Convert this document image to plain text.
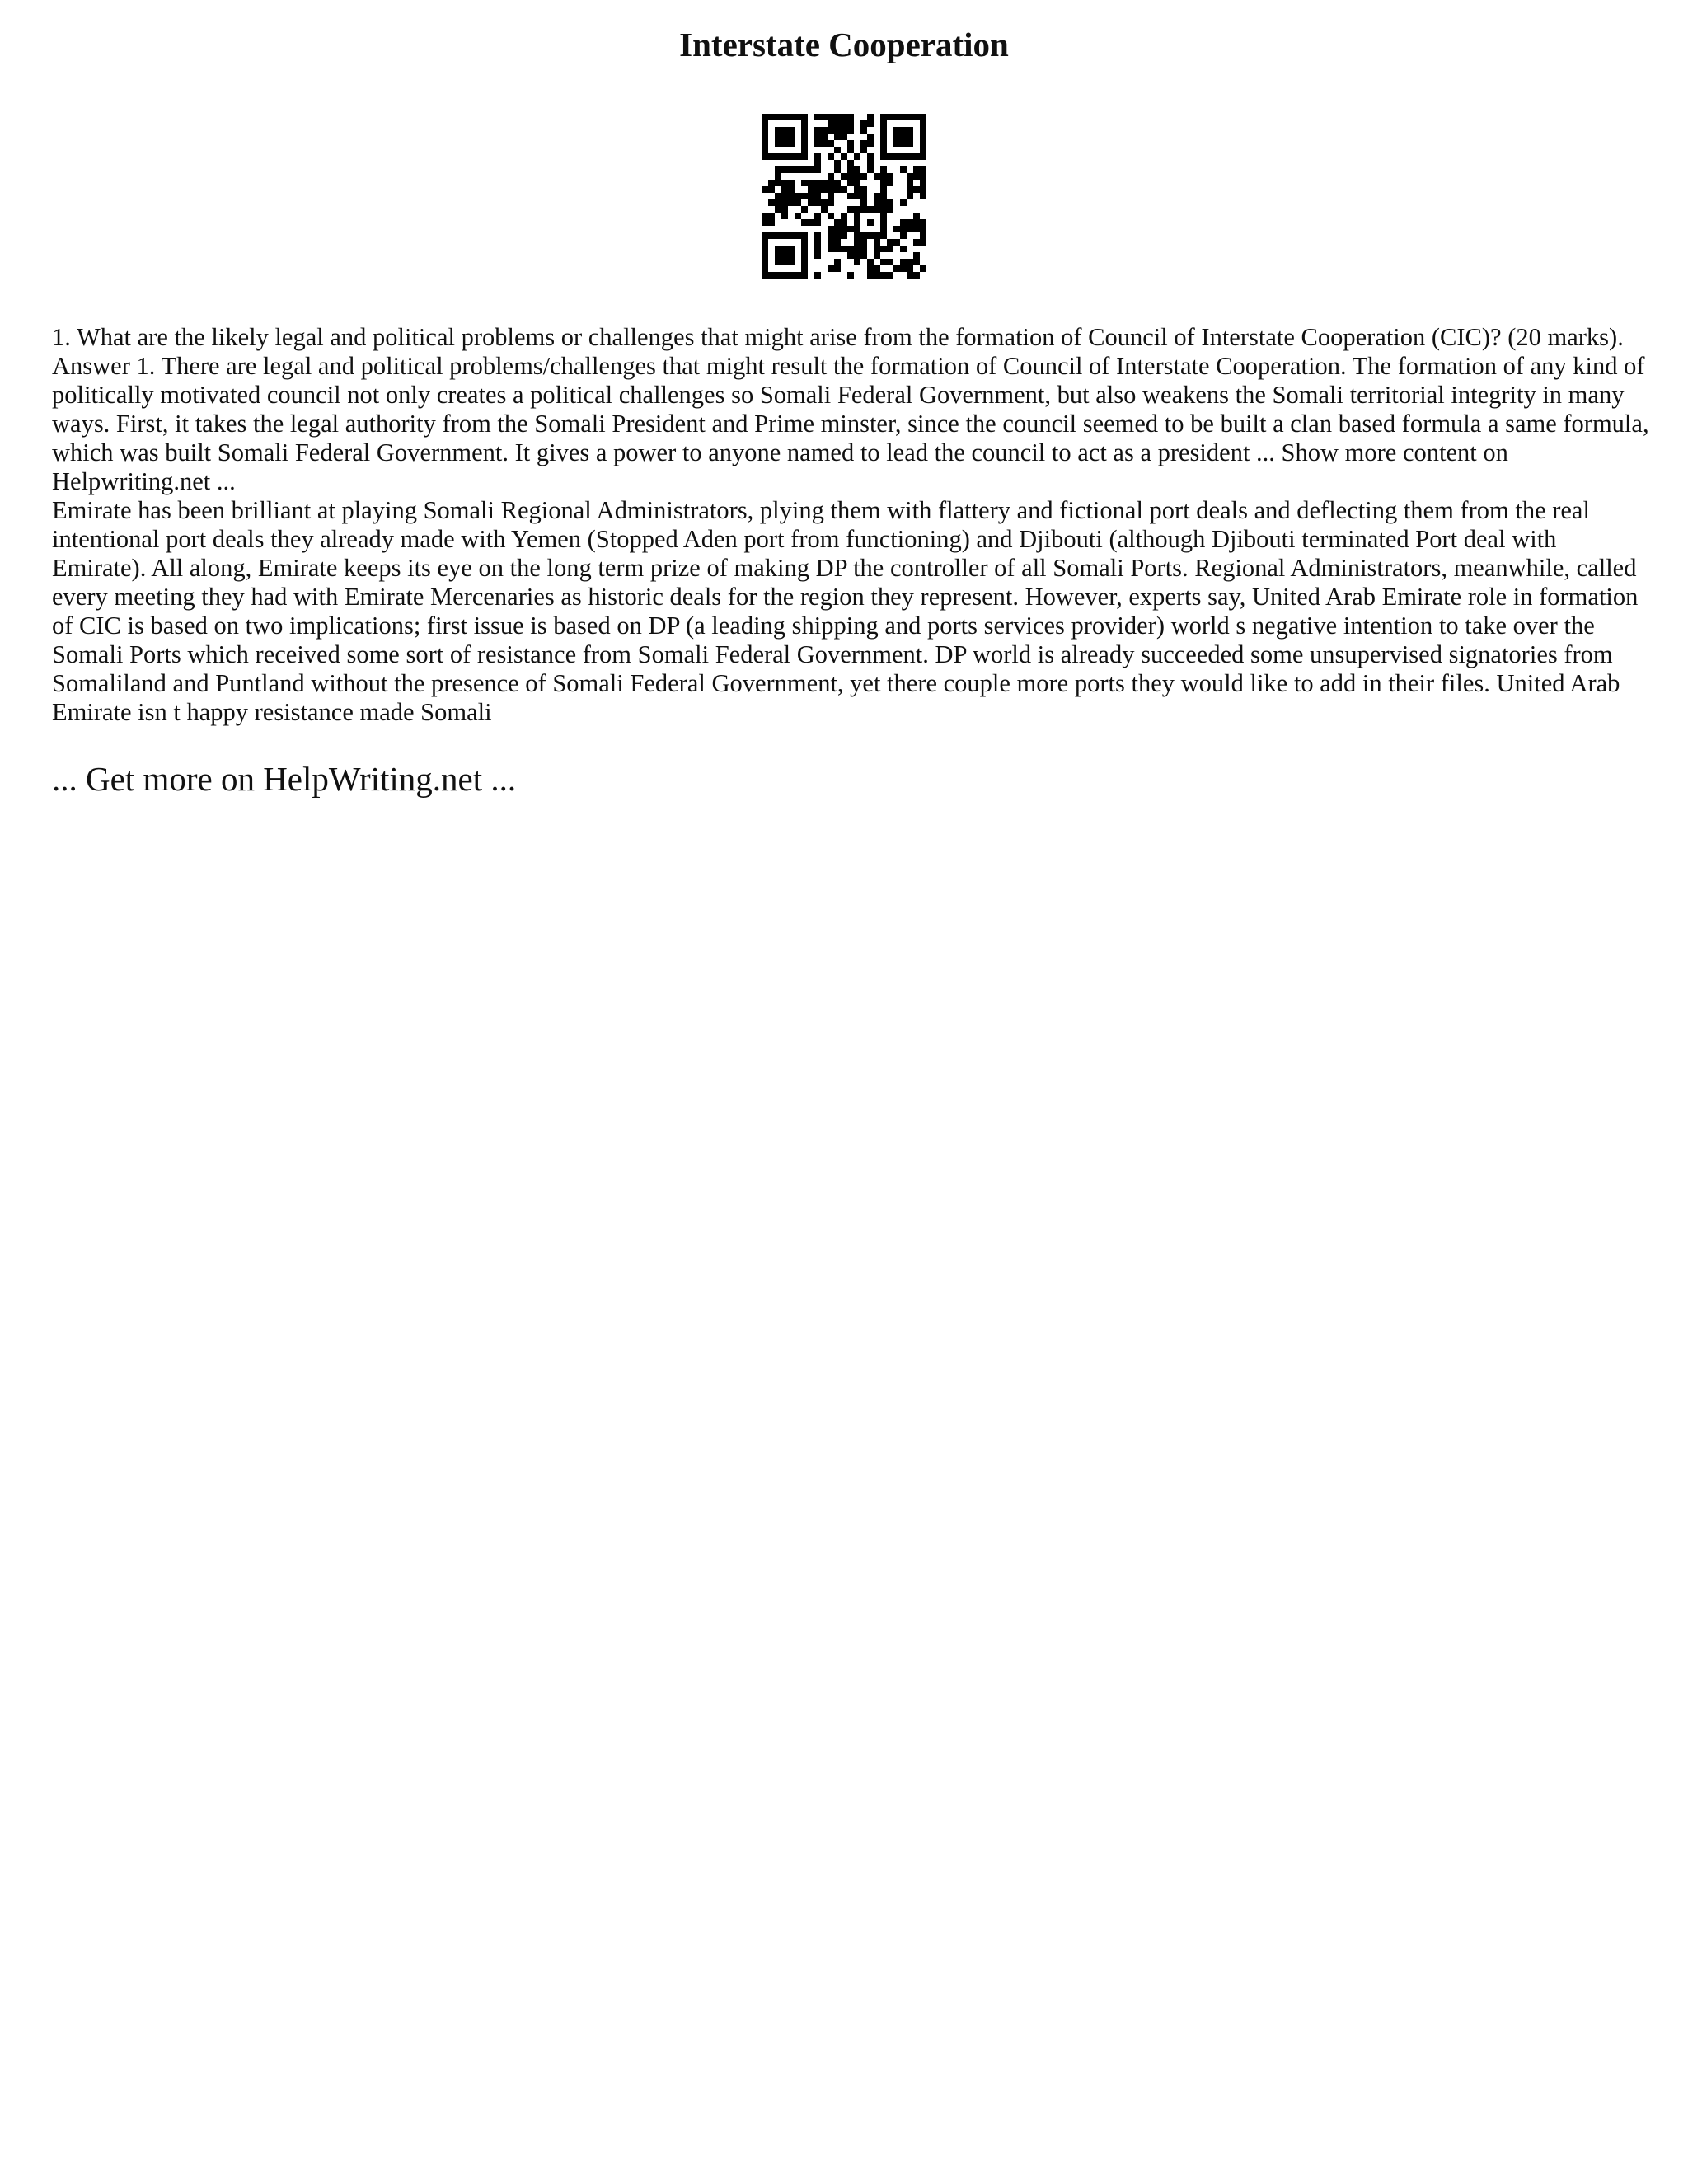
Interstate Cooperation

1. What are the likely legal and political problems or challenges that might arise from the formation of Council of Interstate Cooperation (CIC)? (20 marks). Answer 1. There are legal and political problems/challenges that might result the formation of Council of Interstate Cooperation. The formation of any kind of politically motivated council not only creates a political challenges so Somali Federal Government, but also weakens the Somali territorial integrity in many ways. First, it takes the legal authority from the Somali President and Prime minster, since the council seemed to be built a clan based formula a same formula, which was built Somali Federal Government. It gives a power to anyone named to lead the council to act as a president ... Show more content on Helpwriting.net ...

Emirate has been brilliant at playing Somali Regional Administrators, plying them with flattery and fictional port deals and deflecting them from the real intentional port deals they already made with Yemen (Stopped Aden port from functioning) and Djibouti (although Djibouti terminated Port deal with Emirate). All along, Emirate keeps its eye on the long term prize of making DP the controller of all Somali Ports. Regional Administrators, meanwhile, called every meeting they had with Emirate Mercenaries as historic deals for the region they represent. However, experts say, United Arab Emirate role in formation of CIC is based on two implications; first issue is based on DP (a leading shipping and ports services provider) world s negative intention to take over the Somali Ports which received some sort of resistance from Somali Federal Government. DP world is already succeeded some unsupervised signatories from Somaliland and Puntland without the presence of Somali Federal Government, yet there couple more ports they would like to add in their files. United Arab Emirate isn t happy resistance made Somali

... Get more on HelpWriting.net ...
